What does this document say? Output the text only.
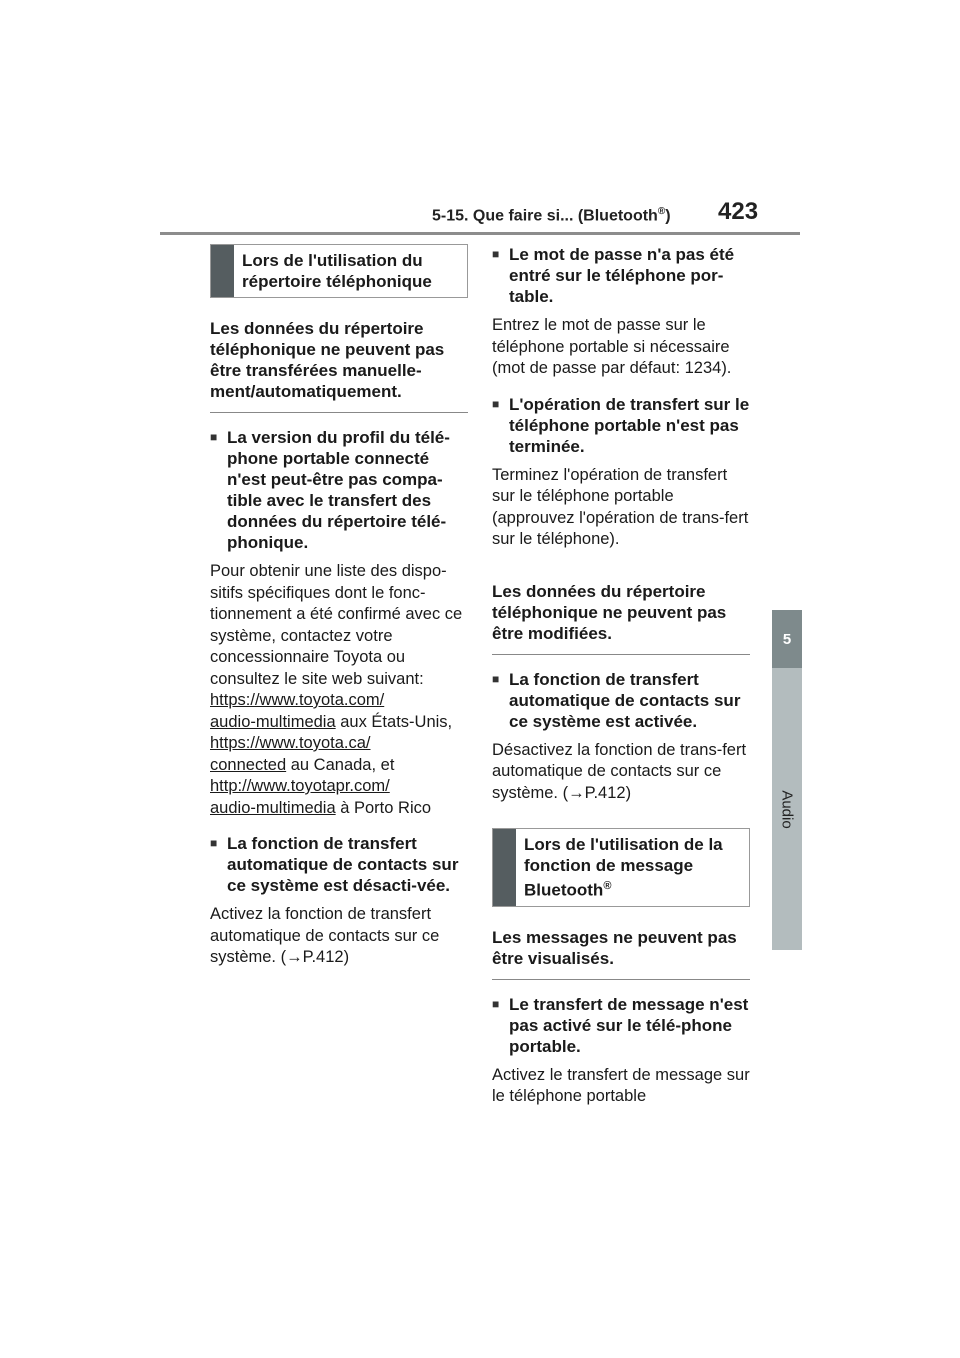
5-15. Que faire si... (Bluetooth®) 423
5
Audio
Lors de l'utilisation du répertoire téléphonique
Les données du répertoire téléphonique ne peuvent pas être transférées manuelle-ment/automatiquement.
■ La version du profil du télé-phone portable connecté n'est peut-être pas compa-tible avec le transfert des données du répertoire télé-phonique.
Pour obtenir une liste des dispo-sitifs spécifiques dont le fonc-tionnement a été confirmé avec ce système, contactez votre concessionnaire Toyota ou consultez le site web suivant:
https://www.toyota.com/
audio-multimedia aux États-Unis,
https://www.toyota.ca/
connected au Canada, et
http://www.toyotapr.com/
audio-multimedia à Porto Rico
■ La fonction de transfert automatique de contacts sur ce système est désacti-vée.
Activez la fonction de transfert automatique de contacts sur ce système. (→P.412)
■ Le mot de passe n'a pas été entré sur le téléphone por-table.
Entrez le mot de passe sur le téléphone portable si nécessaire (mot de passe par défaut: 1234).
■ L'opération de transfert sur le téléphone portable n'est pas terminée.
Terminez l'opération de transfert sur le téléphone portable (approuvez l'opération de trans-fert sur le téléphone).
Les données du répertoire téléphonique ne peuvent pas être modifiées.
■ La fonction de transfert automatique de contacts sur ce système est activée.
Désactivez la fonction de trans-fert automatique de contacts sur ce système. (→P.412)
Lors de l'utilisation de la fonction de message Bluetooth®
Les messages ne peuvent pas être visualisés.
■ Le transfert de message n'est pas activé sur le télé-phone portable.
Activez le transfert de message sur le téléphone portable
